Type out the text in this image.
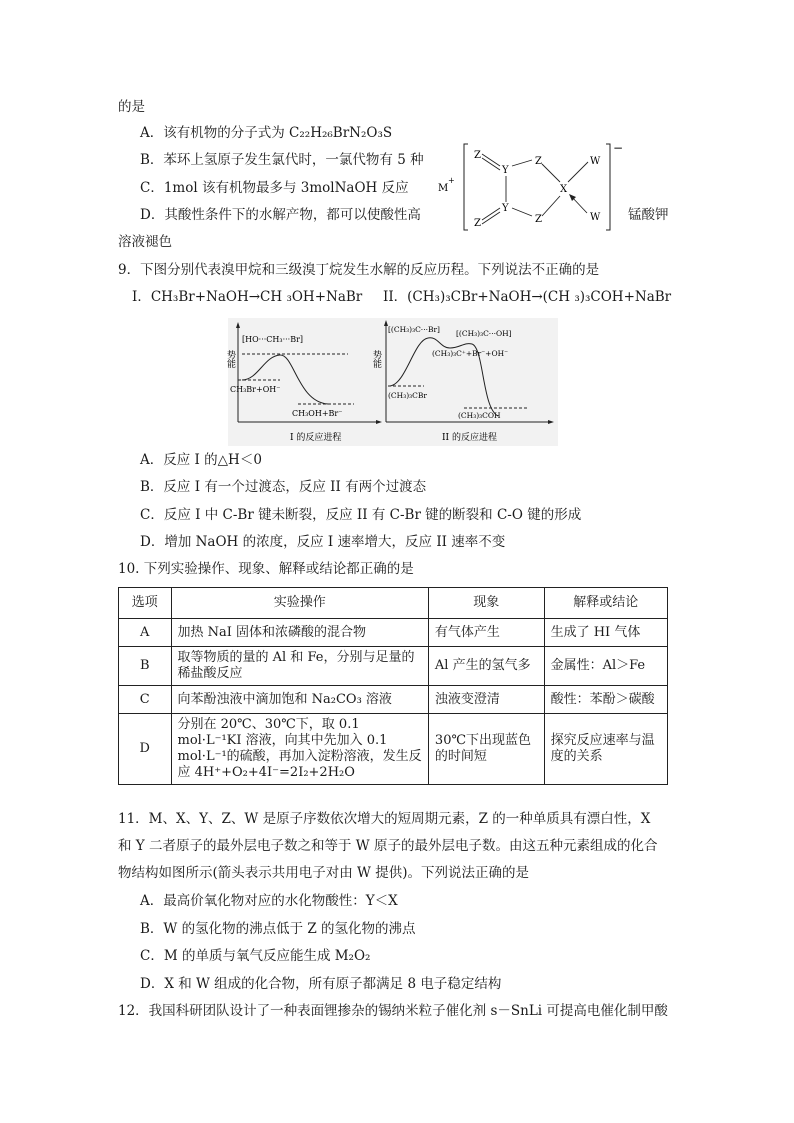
的是
A．该有机物的分子式为 C₂₂H₂₆BrN₂O₃S
B．苯环上氢原子发生氯代时，一氯代物有 5 种
C．1mol 该有机物最多与 3molNaOH 反应
D．其酸性条件下的水解产物，都可以使酸性高	锰酸钾
溶液褪色
M
+
−
Z
Y
Y
Z
Z
Z
X
W
W
9．下图分别代表溴甲烷和三级溴丁烷发生水解的反应历程。下列说法不正确的是
I．CH₃Br+NaOH→CH ₃OH+NaBr II．(CH₃)₃CBr+NaOH→(CH ₃)₃COH+NaBr
势能
[HO···CH₃···Br]
CH₃Br+OH⁻
CH₃OH+Br⁻
I 的反应进程
势能
[(CH₃)₃C···Br] [(CH₃)₃C···OH]
(CH₃)₃C⁺+Br⁻+OH⁻
(CH₃)₃CBr
(CH₃)₃COH
II 的反应进程
A．反应 I 的△H＜0
B．反应 I 有一个过渡态，反应 II 有两个过渡态
C．反应 I 中 C-Br 键未断裂，反应 II 有 C-Br 键的断裂和 C-O 键的形成
D．增加 NaOH 的浓度，反应 I 速率增大，反应 II 速率不变
10. 下列实验操作、现象、解释或结论都正确的是
选项	实验操作	现象	解释或结论
A	加热 NaI 固体和浓磷酸的混合物	有气体产生	生成了 HI 气体
B	取等物质的量的 Al 和 Fe，分别与足量的稀盐酸反应	Al 产生的氢气多	金属性：Al＞Fe
C	向苯酚浊液中滴加饱和 Na₂CO₃ 溶液	浊液变澄清	酸性：苯酚＞碳酸
D	分别在 20℃、30℃下，取 0.1 mol·L⁻¹KI 溶液，向其中先加入 0.1 mol·L⁻¹的硫酸，再加入淀粉溶液，发生反应 4H⁺+O₂+4I⁻=2I₂+2H₂O	30℃下出现蓝色的时间短	探究反应速率与温度的关系
11．M、X、Y、Z、W 是原子序数依次增大的短周期元素，Z 的一种单质具有漂白性，X
和 Y 二者原子的最外层电子数之和等于 W 原子的最外层电子数。由这五种元素组成的化合
物结构如图所示(箭头表示共用电子对由 W 提供)。下列说法正确的是
A．最高价氧化物对应的水化物酸性：Y＜X
B．W 的氢化物的沸点低于 Z 的氢化物的沸点
C．M 的单质与氧气反应能生成 M₂O₂
D．X 和 W 组成的化合物，所有原子都满足 8 电子稳定结构
12．我国科研团队设计了一种表面锂掺杂的锡纳米粒子催化剂 s－SnLi 可提高电催化制甲酸
